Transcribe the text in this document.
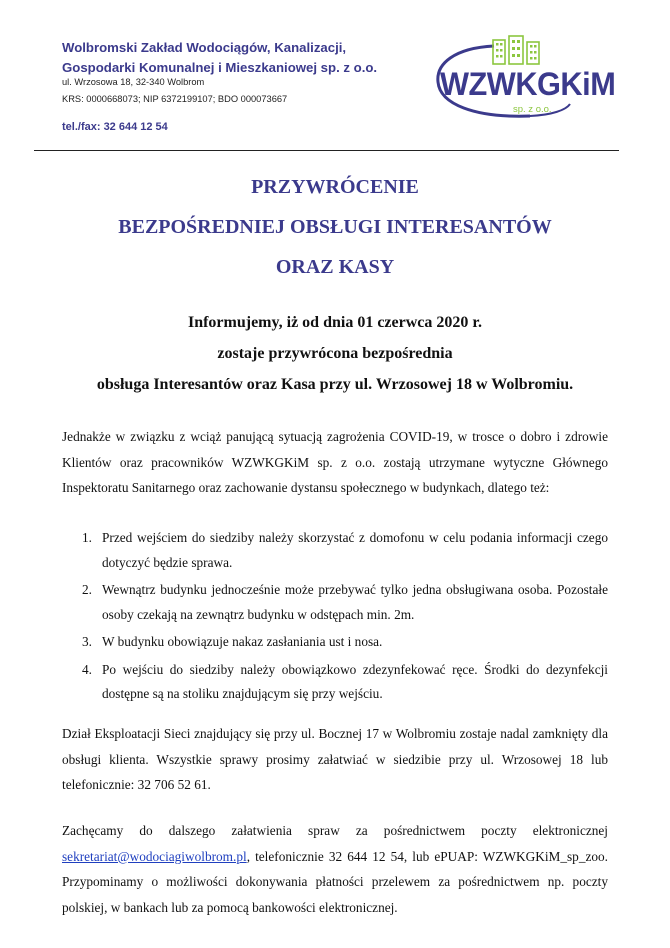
Wolbromski Zakład Wodociągów, Kanalizacji,
Gospodarki Komunalnej i Mieszkaniowej sp. z o.o.

ul. Wrzosowa 18, 32-340 Wolbrom

KRS: 0000668073; NIP 6372199107; BDO 000073667

tel./fax: 32 644 12 54

WZWKGKiM
sp. z o.o.
PRZYWRÓCENIE
BEZPOŚREDNIEJ OBSŁUGI INTERESANTÓW
ORAZ KASY

Informujemy, iż od dnia 01 czerwca 2020 r.

zostaje przywrócona bezpośrednia

obsługa Interesantów oraz Kasa przy ul. Wrzosowej 18 w Wolbromiu.

Jednakże w związku z wciąż panującą sytuacją zagrożenia COVID-19, w trosce o dobro i zdrowie Klientów oraz pracowników WZWKGKiM sp. z o.o. zostają utrzymane wytyczne Głównego Inspektoratu Sanitarnego oraz zachowanie dystansu społecznego w budynkach, dlatego też:

1. Przed wejściem do siedziby należy skorzystać z domofonu w celu podania informacji czego dotyczyć będzie sprawa.
2. Wewnątrz budynku jednocześnie może przebywać tylko jedna obsługiwana osoba. Pozostałe osoby czekają na zewnątrz budynku w odstępach min. 2m.
3. W budynku obowiązuje nakaz zasłaniania ust i nosa.
4. Po wejściu do siedziby należy obowiązkowo zdezynfekować ręce. Środki do dezynfekcji dostępne są na stoliku znajdującym się przy wejściu.

Dział Eksploatacji Sieci znajdujący się przy ul. Bocznej 17 w Wolbromiu zostaje nadal zamknięty dla obsługi klienta. Wszystkie sprawy prosimy załatwiać w siedzibie przy ul. Wrzosowej 18 lub telefonicznie: 32 706 52 61.

Zachęcamy do dalszego załatwienia spraw za pośrednictwem poczty elektronicznej sekretariat@wodociagiwolbrom.pl, telefonicznie 32 644 12 54, lub ePUAP: WZWKGKiM_sp_zoo. Przypominamy o możliwości dokonywania płatności przelewem za pośrednictwem np. poczty polskiej, w bankach lub za pomocą bankowości elektronicznej.
